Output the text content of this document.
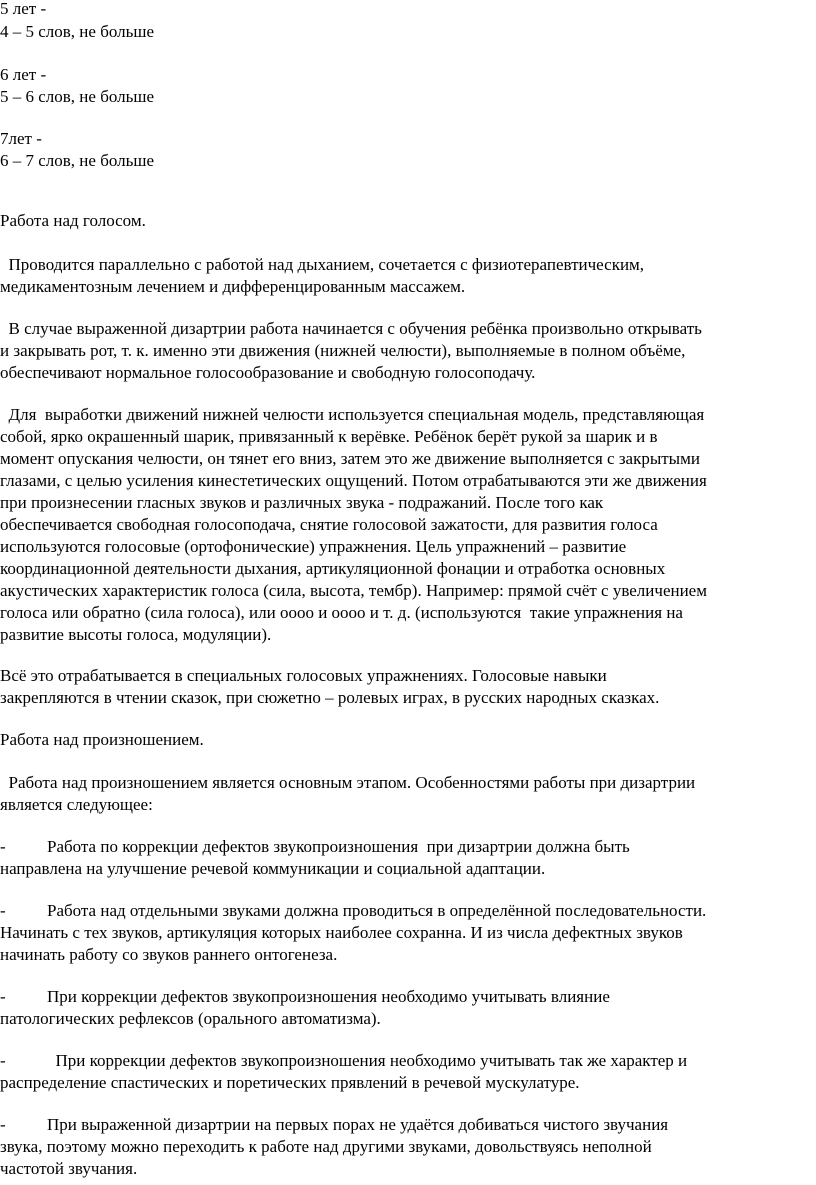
5 лет -

4 – 5 слов, не больше

6 лет -

5 – 6 слов, не больше

7лет -

6 – 7 слов, не больше

Работа над голосом.

Проводится параллельно с работой над дыханием, сочетается с физиотерапевтическим,

медикаментозным лечением и дифференцированным массажем.

В случае выраженной дизартрии работа начинается с обучения ребёнка произвольно открывать

и закрывать рот, т. к. именно эти движения (нижней челюсти), выполняемые в полном объёме,

обеспечивают нормальное голосообразование и свободную голосоподачу.

Для  выработки движений нижней челюсти используется специальная модель, представляющая

собой, ярко окрашенный шарик, привязанный к верёвке. Ребёнок берёт рукой за шарик и в

момент опускания челюсти, он тянет его вниз, затем это же движение выполняется с закрытыми

глазами, с целью усиления кинестетических ощущений. Потом отрабатываются эти же движения

при произнесении гласных звуков и различных звука - подражаний. После того как

обеспечивается свободная голосоподача, снятие голосовой зажатости, для развития голоса

используются голосовые (ортофонические) упражнения. Цель упражнений – развитие

координационной деятельности дыхания, артикуляционной фонации и отработка основных

акустических характеристик голоса (сила, высота, тембр). Например: прямой счёт с увеличением

голоса или обратно (сила голоса), или оооо и оооо и т. д. (используются  такие упражнения на

развитие высоты голоса, модуляции).

Всё это отрабатывается в специальных голосовых упражнениях. Голосовые навыки

закрепляются в чтении сказок, при сюжетно – ролевых играх, в русских народных сказках.

Работа над произношением.

Работа над произношением является основным этапом. Особенностями работы при дизартрии

является следующее:

- Работа по коррекции дефектов звукопроизношения  при дизартрии должна быть

направлена на улучшение речевой коммуникации и социальной адаптации.

- Работа над отдельными звуками должна проводиться в определённой последовательности.

Начинать с тех звуков, артикуляция которых наиболее сохранна. И из числа дефектных звуков

начинать работу со звуков раннего онтогенеза.

- При коррекции дефектов звукопроизношения необходимо учитывать влияние

патологических рефлексов (орального автоматизма).

- При коррекции дефектов звукопроизношения необходимо учитывать так же характер и

распределение спастических и поретических прявлений в речевой мускулатуре.

- При выраженной дизартрии на первых порах не удаётся добиваться чистого звучания

звука, поэтому можно переходить к работе над другими звуками, довольствуясь неполной

частотой звучания.
